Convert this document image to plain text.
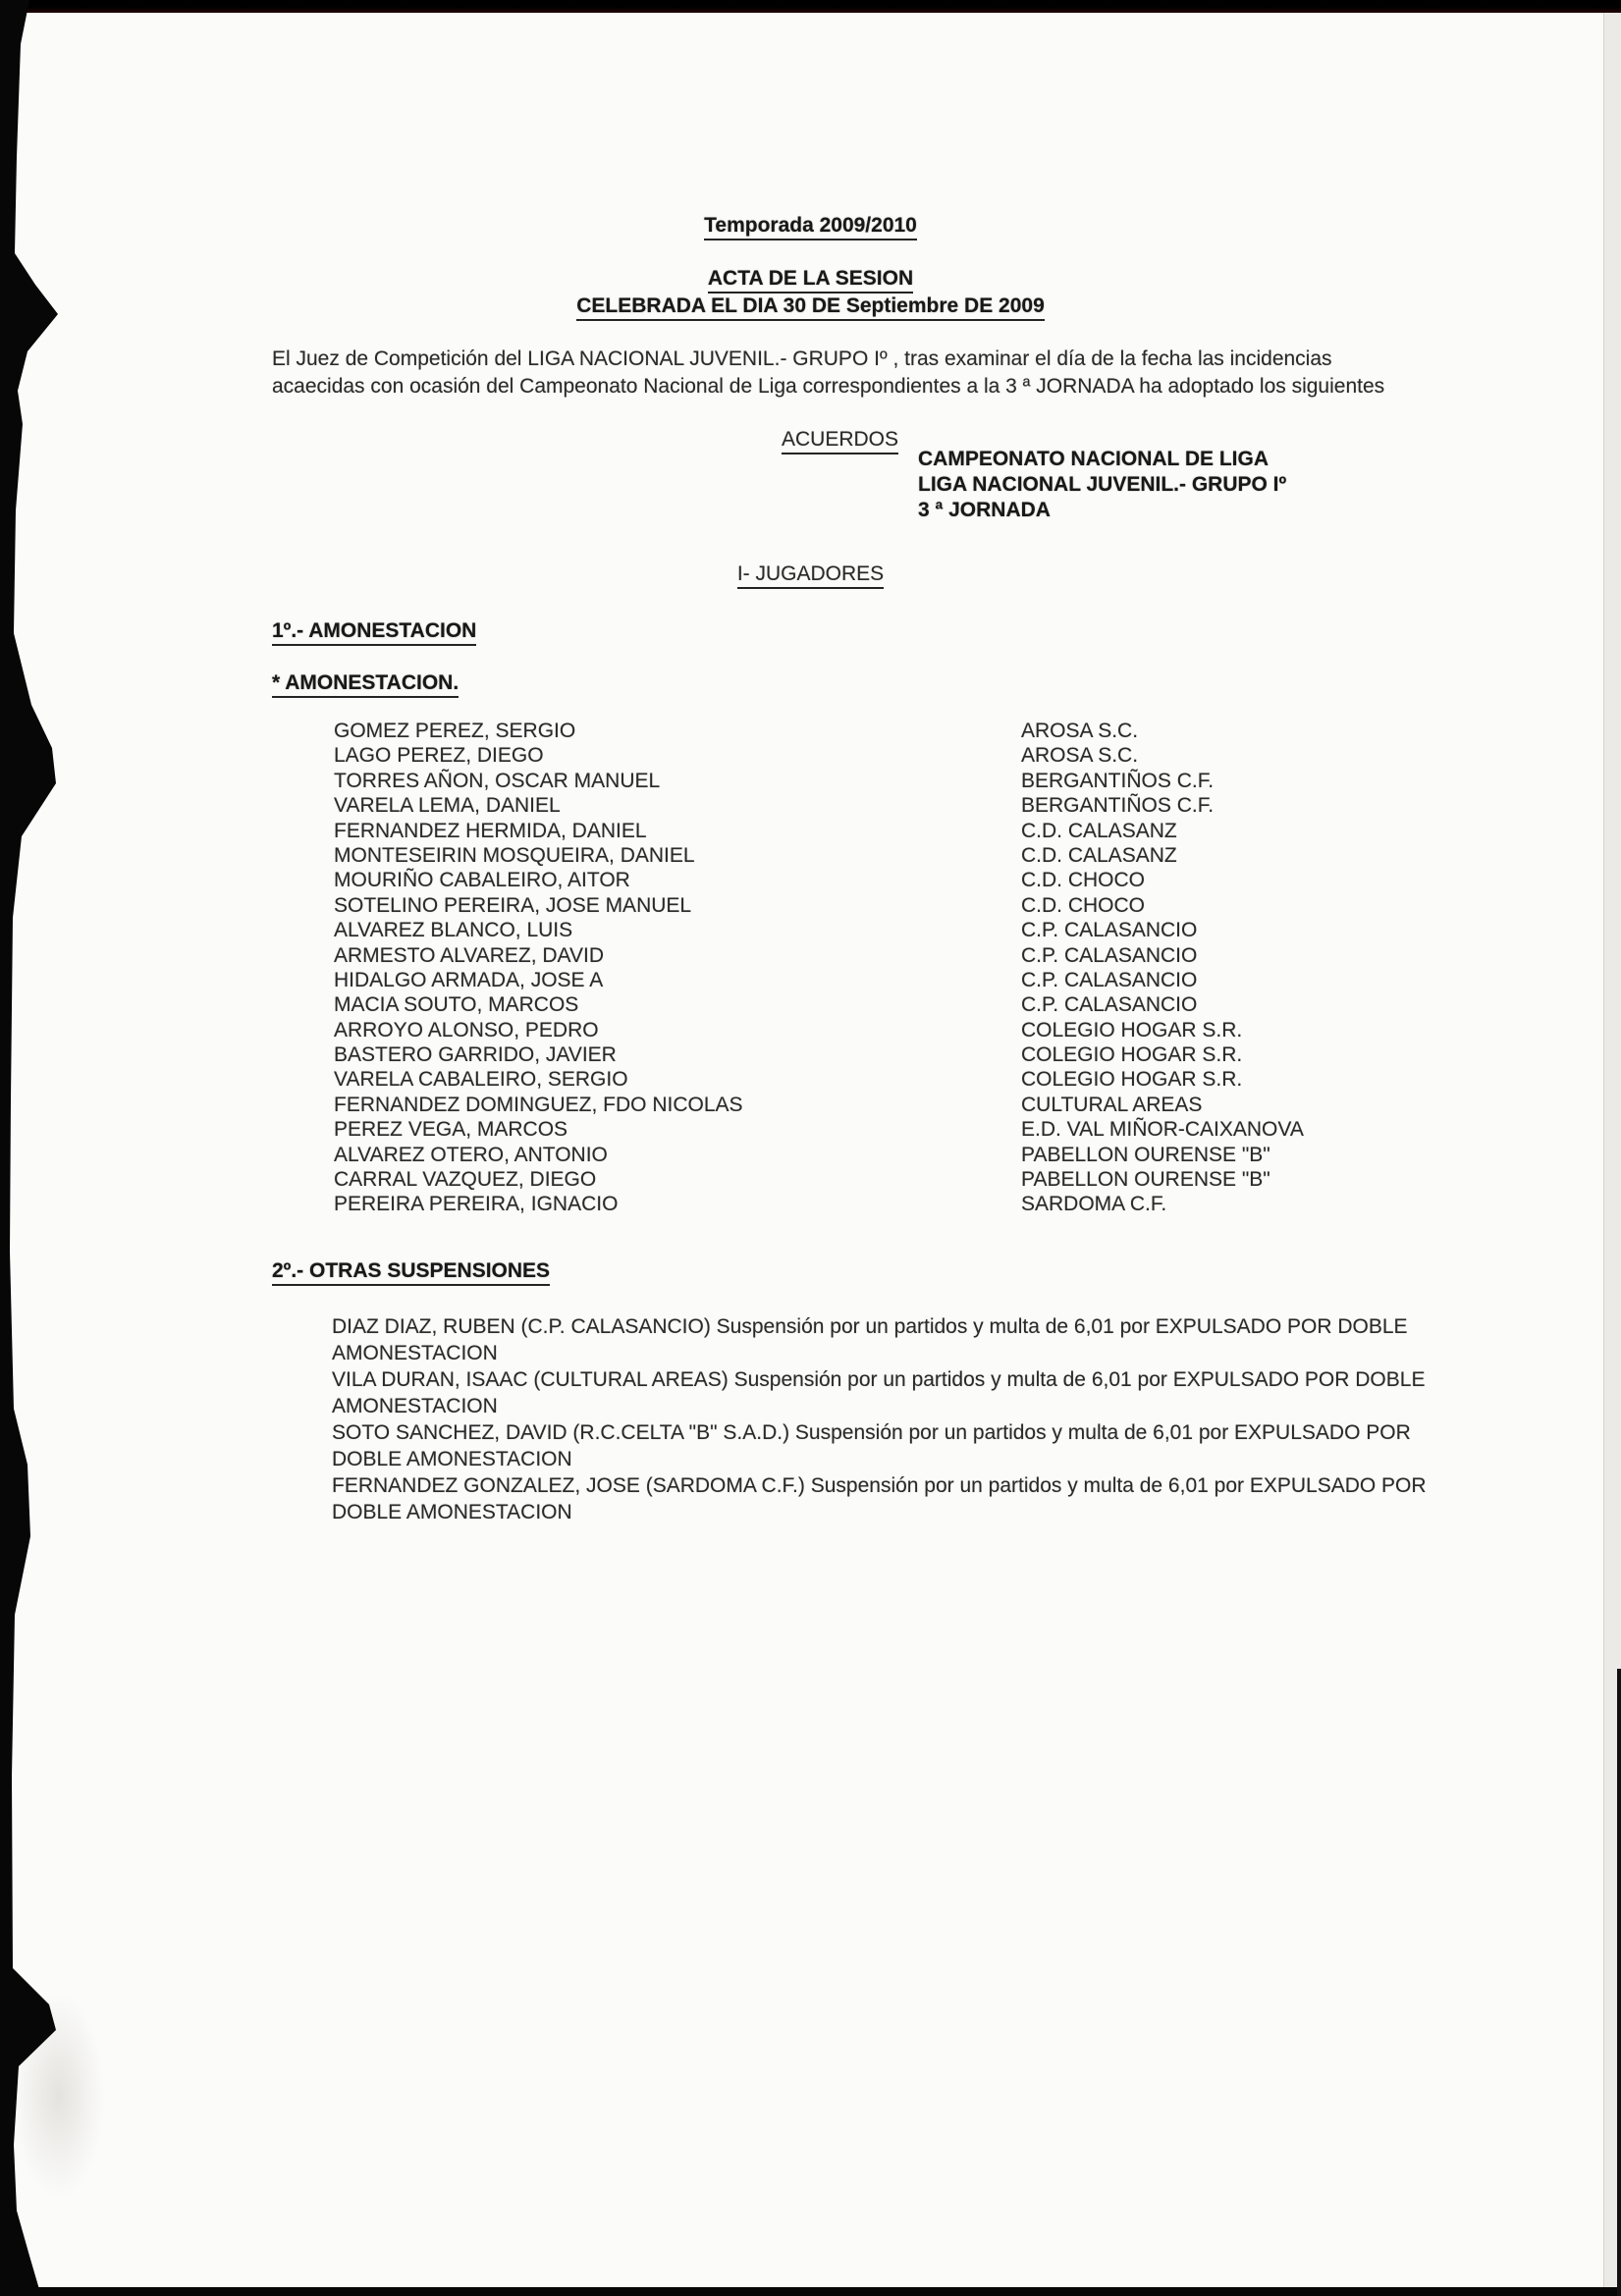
Temporada 2009/2010
ACTA DE LA SESION
CELEBRADA EL DIA 30 DE Septiembre DE 2009
El Juez de Competición del LIGA NACIONAL JUVENIL.- GRUPO Iº , tras examinar el día de la fecha las incidencias
acaecidas con ocasión del Campeonato Nacional de Liga correspondientes a la 3 ª JORNADA ha adoptado los siguientes
ACUERDOS
CAMPEONATO NACIONAL DE LIGA
LIGA NACIONAL JUVENIL.- GRUPO Iº
3 ª JORNADA
I- JUGADORES
1º.- AMONESTACION
* AMONESTACION.
GOMEZ PEREZ, SERGIO	AROSA S.C.
LAGO PEREZ, DIEGO	AROSA S.C.
TORRES AÑON, OSCAR MANUEL	BERGANTIÑOS C.F.
VARELA LEMA, DANIEL	BERGANTIÑOS C.F.
FERNANDEZ HERMIDA, DANIEL	C.D. CALASANZ
MONTESEIRIN MOSQUEIRA, DANIEL	C.D. CALASANZ
MOURIÑO CABALEIRO, AITOR	C.D. CHOCO
SOTELINO PEREIRA, JOSE MANUEL	C.D. CHOCO
ALVAREZ BLANCO, LUIS	C.P. CALASANCIO
ARMESTO ALVAREZ, DAVID	C.P. CALASANCIO
HIDALGO ARMADA, JOSE A	C.P. CALASANCIO
MACIA SOUTO, MARCOS	C.P. CALASANCIO
ARROYO ALONSO, PEDRO	COLEGIO HOGAR S.R.
BASTERO GARRIDO, JAVIER	COLEGIO HOGAR S.R.
VARELA CABALEIRO, SERGIO	COLEGIO HOGAR S.R.
FERNANDEZ DOMINGUEZ, FDO NICOLAS	CULTURAL AREAS
PEREZ VEGA, MARCOS	E.D. VAL MIÑOR-CAIXANOVA
ALVAREZ OTERO, ANTONIO	PABELLON OURENSE "B"
CARRAL VAZQUEZ, DIEGO	PABELLON OURENSE "B"
PEREIRA PEREIRA, IGNACIO	SARDOMA C.F.
2º.- OTRAS SUSPENSIONES
DIAZ DIAZ, RUBEN (C.P. CALASANCIO) Suspensión por un partidos y multa de 6,01 por EXPULSADO POR DOBLE
AMONESTACION
VILA DURAN, ISAAC (CULTURAL AREAS) Suspensión por un partidos y multa de 6,01 por EXPULSADO POR DOBLE
AMONESTACION
SOTO SANCHEZ, DAVID (R.C.CELTA "B" S.A.D.) Suspensión por un partidos y multa de 6,01 por EXPULSADO POR
DOBLE AMONESTACION
FERNANDEZ GONZALEZ, JOSE (SARDOMA C.F.) Suspensión por un partidos y multa de 6,01 por EXPULSADO POR
DOBLE AMONESTACION
